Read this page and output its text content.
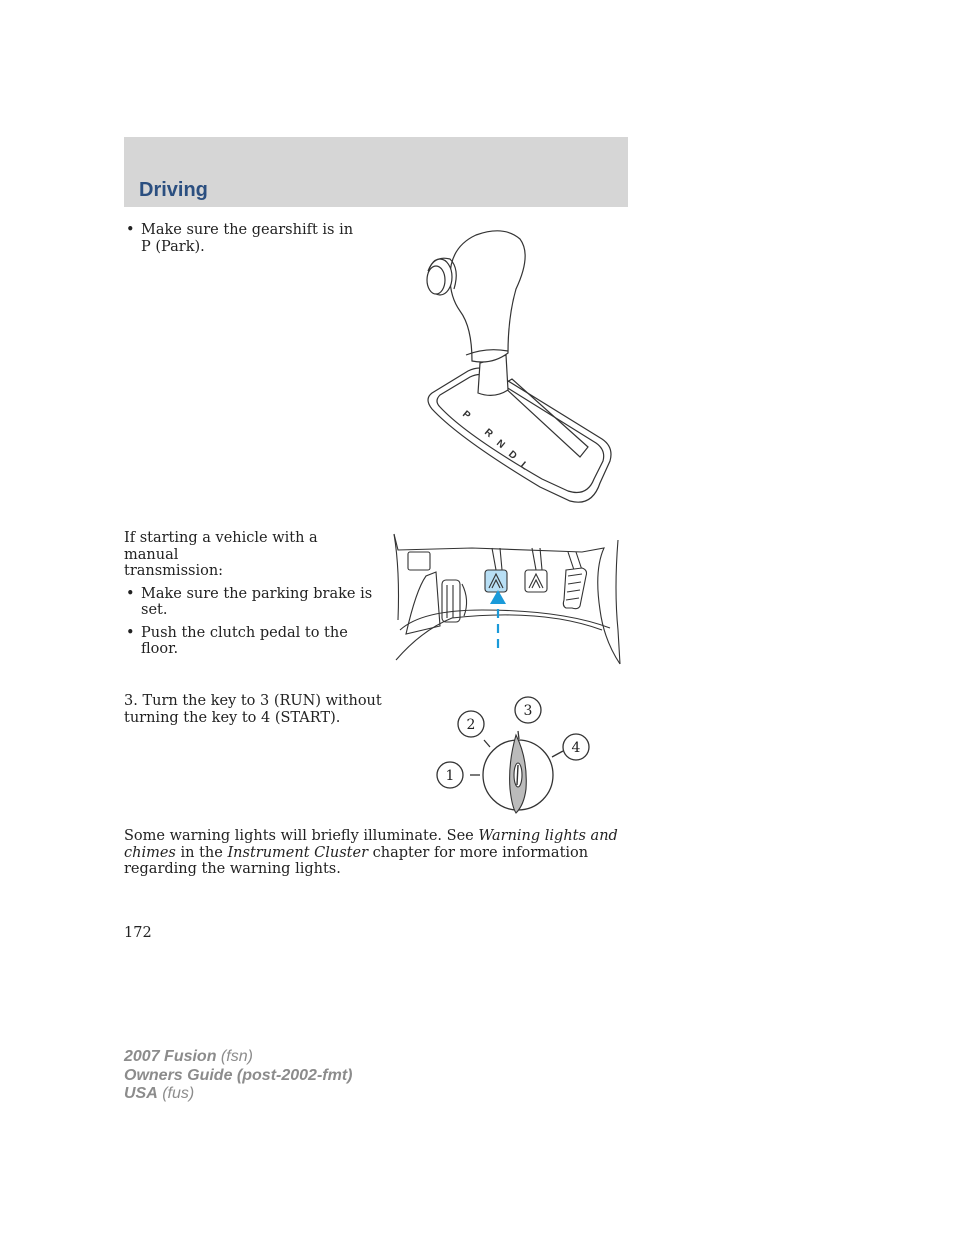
Driving
• Make sure the gearshift is in
P (Park).
P
R
N
D
L
If starting a vehicle with a manual
transmission:
• Make sure the parking brake is
set.
• Push the clutch pedal to the
floor.
3. Turn the key to 3 (RUN) without
turning the key to 4 (START).
1
2
3
4
Some warning lights will briefly illuminate. See Warning lights and
chimes in the Instrument Cluster chapter for more information
regarding the warning lights.
172
2007 Fusion (fsn)
Owners Guide (post-2002-fmt)
USA (fus)
